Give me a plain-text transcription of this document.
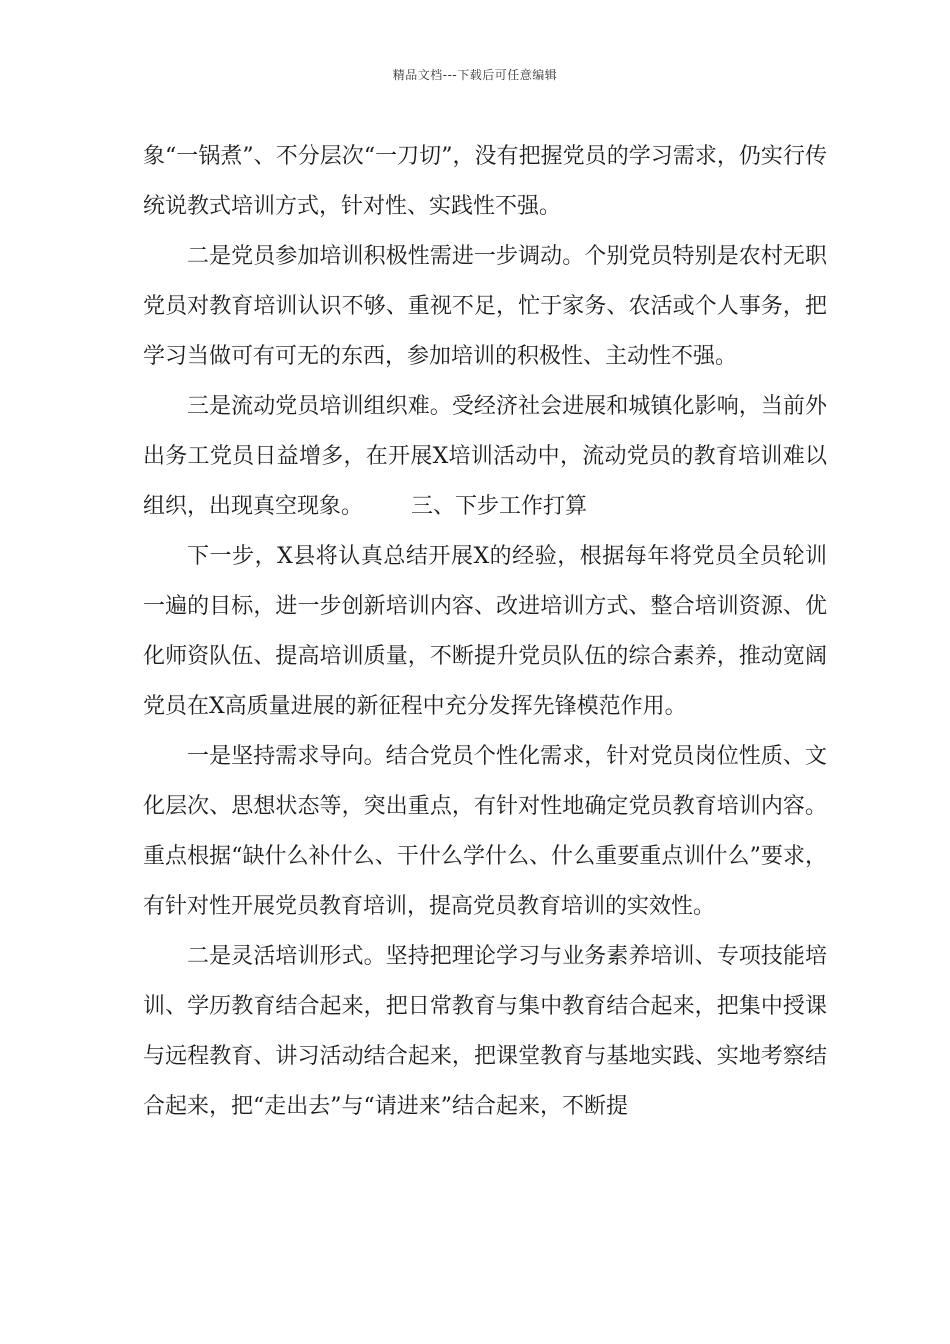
精品文档---下载后可任意编辑

象“一锅煮”、不分层次“一刀切”，没有把握党员的学习需求，仍实行传统说教式培训方式，针对性、实践性不强。

二是党员参加培训积极性需进一步调动。个别党员特别是农村无职党员对教育培训认识不够、重视不足，忙于家务、农活或个人事务，把学习当做可有可无的东西，参加培训的积极性、主动性不强。

三是流动党员培训组织难。受经济社会进展和城镇化影响，当前外出务工党员日益增多，在开展X培训活动中，流动党员的教育培训难以组织，出现真空现象。 三、下步工作打算

下一步，X县将认真总结开展X的经验，根据每年将党员全员轮训一遍的目标，进一步创新培训内容、改进培训方式、整合培训资源、优化师资队伍、提高培训质量，不断提升党员队伍的综合素养，推动宽阔党员在X高质量进展的新征程中充分发挥先锋模范作用。

一是坚持需求导向。结合党员个性化需求，针对党员岗位性质、文化层次、思想状态等，突出重点，有针对性地确定党员教育培训内容。重点根据“缺什么补什么、干什么学什么、什么重要重点训什么”要求，有针对性开展党员教育培训，提高党员教育培训的实效性。

二是灵活培训形式。坚持把理论学习与业务素养培训、专项技能培训、学历教育结合起来，把日常教育与集中教育结合起来，把集中授课与远程教育、讲习活动结合起来，把课堂教育与基地实践、实地考察结合起来，把“走出去”与“请进来”结合起来，不断提
